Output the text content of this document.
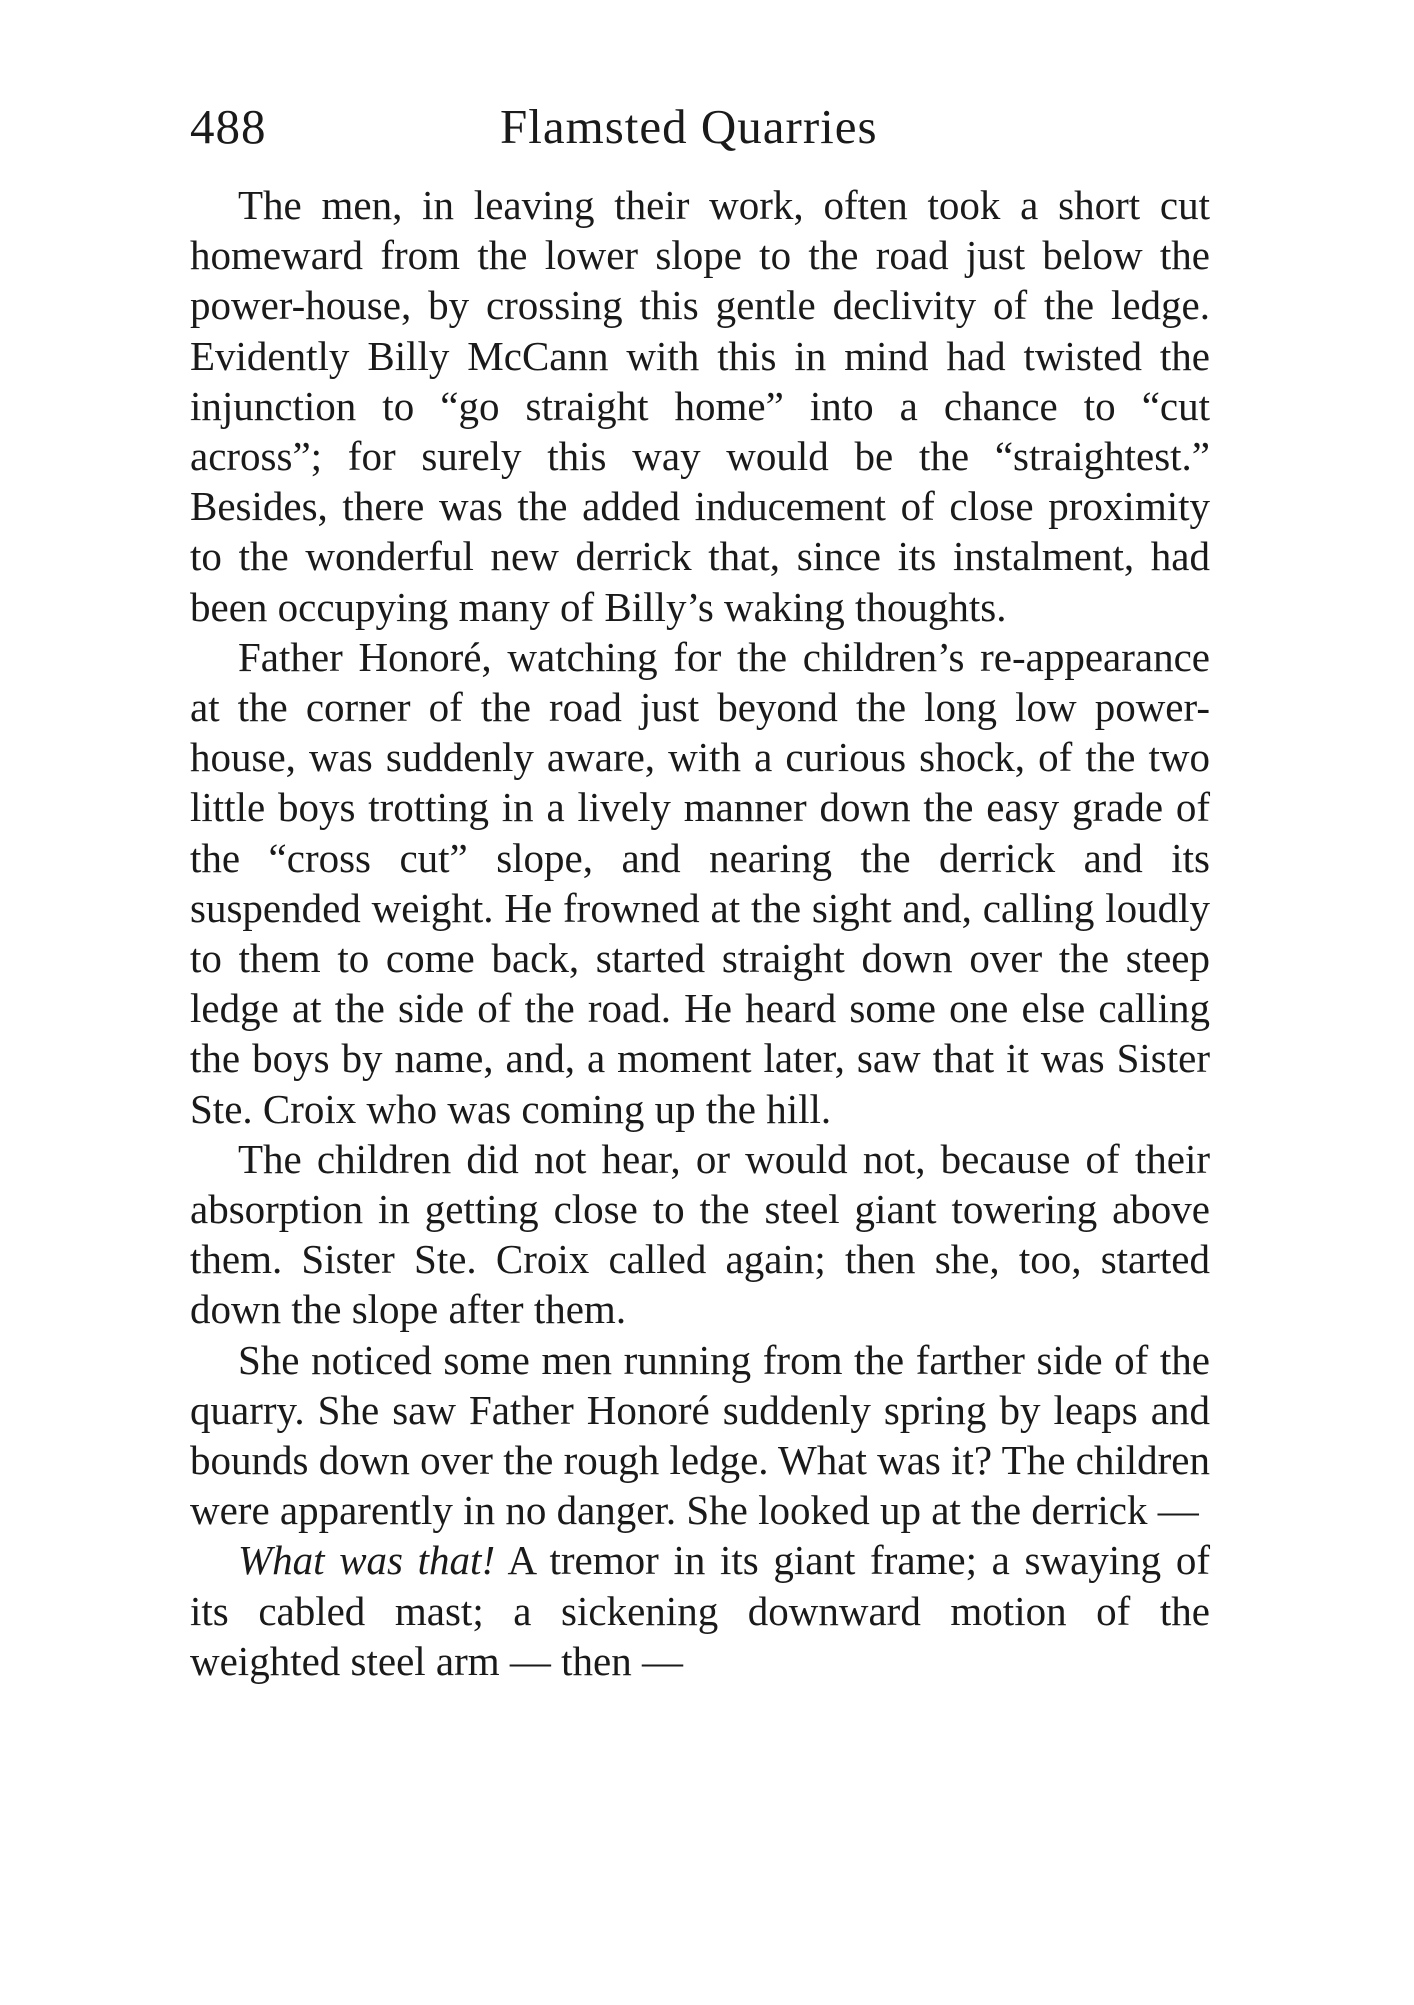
488	Flamsted Quarries

The men, in leaving their work, often took a short cut homeward from the lower slope to the road just below the power-house, by crossing this gentle declivity of the ledge. Evidently Billy McCann with this in mind had twisted the injunction to “go straight home” into a chance to “cut across”; for surely this way would be the “straightest.” Besides, there was the added inducement of close proximity to the wonderful new derrick that, since its instalment, had been occupying many of Billy’s waking thoughts.

Father Honoré, watching for the children’s re-appearance at the corner of the road just beyond the long low power-house, was suddenly aware, with a curious shock, of the two little boys trotting in a lively manner down the easy grade of the “cross cut” slope, and nearing the derrick and its suspended weight. He frowned at the sight and, calling loudly to them to come back, started straight down over the steep ledge at the side of the road. He heard some one else calling the boys by name, and, a moment later, saw that it was Sister Ste. Croix who was coming up the hill.

The children did not hear, or would not, because of their absorption in getting close to the steel giant towering above them. Sister Ste. Croix called again; then she, too, started down the slope after them.

She noticed some men running from the farther side of the quarry. She saw Father Honoré suddenly spring by leaps and bounds down over the rough ledge. What was it? The children were apparently in no danger. She looked up at the derrick —

What was that! A tremor in its giant frame; a swaying of its cabled mast; a sickening downward motion of the weighted steel arm — then —
